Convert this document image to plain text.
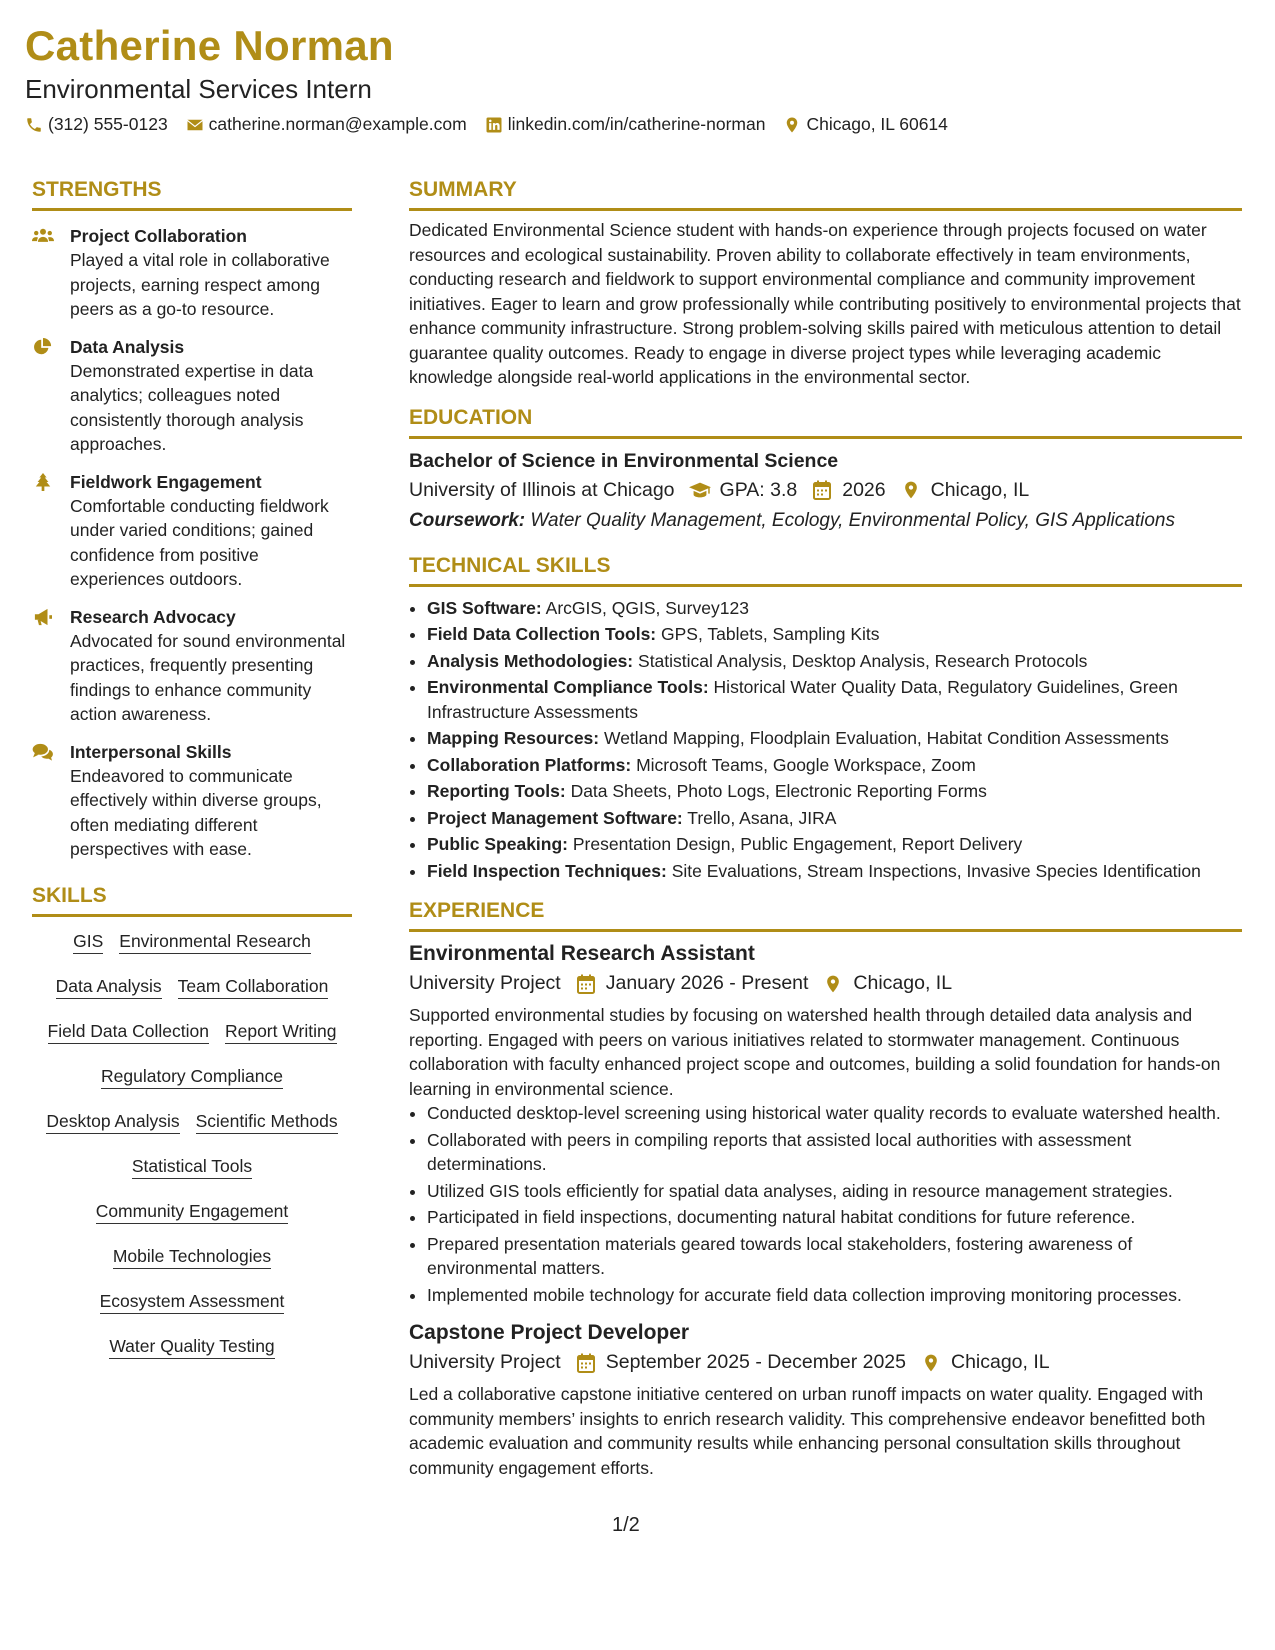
Catherine Norman
Environmental Services Intern
(312) 555-0123 catherine.norman@example.com linkedin.com/in/catherine-norman Chicago, IL 60614
STRENGTHS
Project Collaboration
Played a vital role in collaborative projects, earning respect among peers as a go-to resource.
Data Analysis
Demonstrated expertise in data analytics; colleagues noted consistently thorough analysis approaches.
Fieldwork Engagement
Comfortable conducting fieldwork under varied conditions; gained confidence from positive experiences outdoors.
Research Advocacy
Advocated for sound environmental practices, frequently presenting findings to enhance community action awareness.
Interpersonal Skills
Endeavored to communicate effectively within diverse groups, often mediating different perspectives with ease.
SKILLS
GIS Environmental Research
Data Analysis Team Collaboration
Field Data Collection Report Writing
Regulatory Compliance
Desktop Analysis Scientific Methods
Statistical Tools
Community Engagement
Mobile Technologies
Ecosystem Assessment
Water Quality Testing
SUMMARY
Dedicated Environmental Science student with hands-on experience through projects focused on water resources and ecological sustainability. Proven ability to collaborate effectively in team environments, conducting research and fieldwork to support environmental compliance and community improvement initiatives. Eager to learn and grow professionally while contributing positively to environmental projects that enhance community infrastructure. Strong problem-solving skills paired with meticulous attention to detail guarantee quality outcomes. Ready to engage in diverse project types while leveraging academic knowledge alongside real-world applications in the environmental sector.
EDUCATION
Bachelor of Science in Environmental Science
University of Illinois at Chicago GPA: 3.8 2026 Chicago, IL
Coursework: Water Quality Management, Ecology, Environmental Policy, GIS Applications
TECHNICAL SKILLS
• GIS Software: ArcGIS, QGIS, Survey123
• Field Data Collection Tools: GPS, Tablets, Sampling Kits
• Analysis Methodologies: Statistical Analysis, Desktop Analysis, Research Protocols
• Environmental Compliance Tools: Historical Water Quality Data, Regulatory Guidelines, Green Infrastructure Assessments
• Mapping Resources: Wetland Mapping, Floodplain Evaluation, Habitat Condition Assessments
• Collaboration Platforms: Microsoft Teams, Google Workspace, Zoom
• Reporting Tools: Data Sheets, Photo Logs, Electronic Reporting Forms
• Project Management Software: Trello, Asana, JIRA
• Public Speaking: Presentation Design, Public Engagement, Report Delivery
• Field Inspection Techniques: Site Evaluations, Stream Inspections, Invasive Species Identification
EXPERIENCE
Environmental Research Assistant
University Project January 2026 - Present Chicago, IL
Supported environmental studies by focusing on watershed health through detailed data analysis and reporting. Engaged with peers on various initiatives related to stormwater management. Continuous collaboration with faculty enhanced project scope and outcomes, building a solid foundation for hands-on learning in environmental science.
• Conducted desktop-level screening using historical water quality records to evaluate watershed health.
• Collaborated with peers in compiling reports that assisted local authorities with assessment determinations.
• Utilized GIS tools efficiently for spatial data analyses, aiding in resource management strategies.
• Participated in field inspections, documenting natural habitat conditions for future reference.
• Prepared presentation materials geared towards local stakeholders, fostering awareness of environmental matters.
• Implemented mobile technology for accurate field data collection improving monitoring processes.
Capstone Project Developer
University Project September 2025 - December 2025 Chicago, IL
Led a collaborative capstone initiative centered on urban runoff impacts on water quality. Engaged with community members’ insights to enrich research validity. This comprehensive endeavor benefitted both academic evaluation and community results while enhancing personal consultation skills throughout community engagement efforts.
1/2
